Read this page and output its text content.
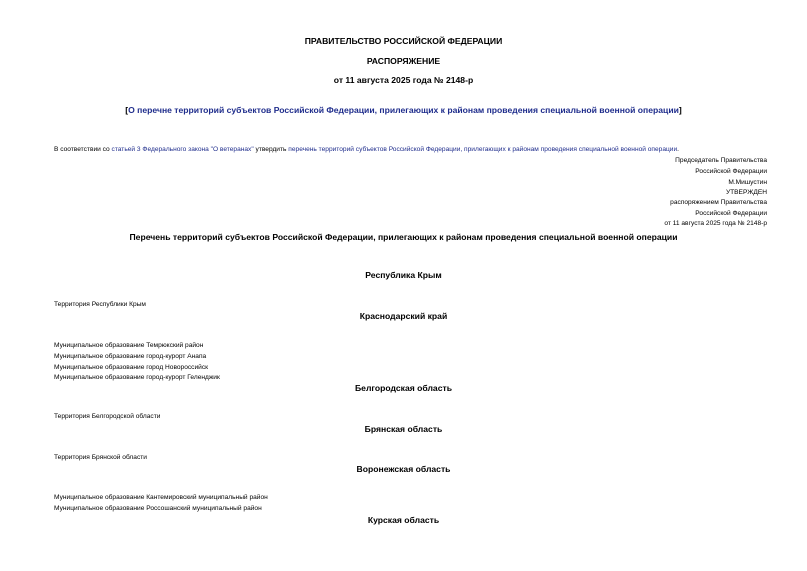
ПРАВИТЕЛЬСТВО РОССИЙСКОЙ ФЕДЕРАЦИИ
РАСПОРЯЖЕНИЕ
от 11 августа 2025 года № 2148-р
[О перечне территорий субъектов Российской Федерации, прилегающих к районам проведения специальной военной операции]
В соответствии со статьей 3 Федерального закона "О ветеранах" утвердить перечень территорий субъектов Российской Федерации, прилегающих к районам проведения специальной военной операции.
Председатель Правительства
Российской Федерации
М.Мишустин
УТВЕРЖДЕН
распоряжением Правительства
Российской Федерации
от 11 августа 2025 года № 2148-р
Перечень территорий субъектов Российской Федерации, прилегающих к районам проведения специальной военной операции
Республика Крым
Территория Республики Крым
Краснодарский край
Муниципальное образование Темрюкский район
Муниципальное образование город-курорт Анапа
Муниципальное образование город Новороссийск
Муниципальное образование город-курорт Геленджик
Белгородская область
Территория Белгородской области
Брянская область
Территория Брянской области
Воронежская область
Муниципальное образование Кантемировский муниципальный район
Муниципальное образование Россошанский муниципальный район
Курская область
